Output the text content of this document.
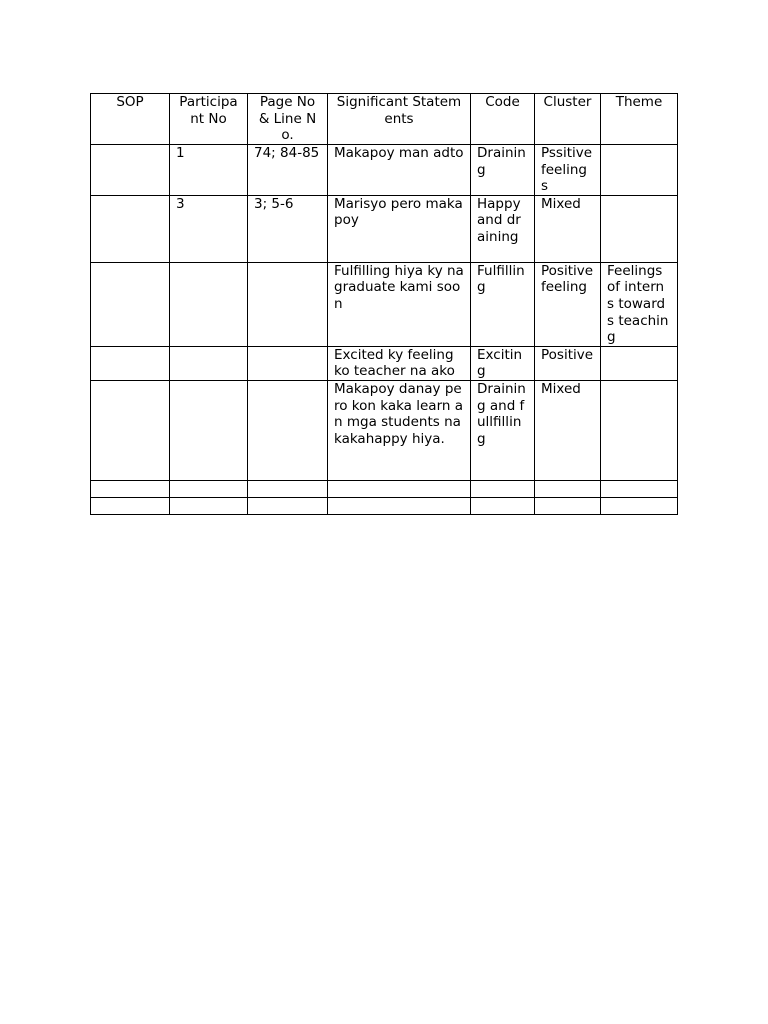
SOP	Participa nt No	Page No & Line No.	Significant Statements	Code	Cluster	Theme
	1	74; 84-85	Makapoy man adto	Draining	Pssitive feelings	
	3	3; 5-6	Marisyo pero makapoy	Happy and draining	Mixed	
			Fulfilling hiya ky na graduate kami soon	Fulfilling	Positive feeling	Feelings of interns towards teaching
			Excited ky feeling ko teacher na ako	Exciting	Positive	
			Makapoy danay pero kon kaka learn an mga students nakakahappy hiya.	Draining and fullfilling	Mixed	
